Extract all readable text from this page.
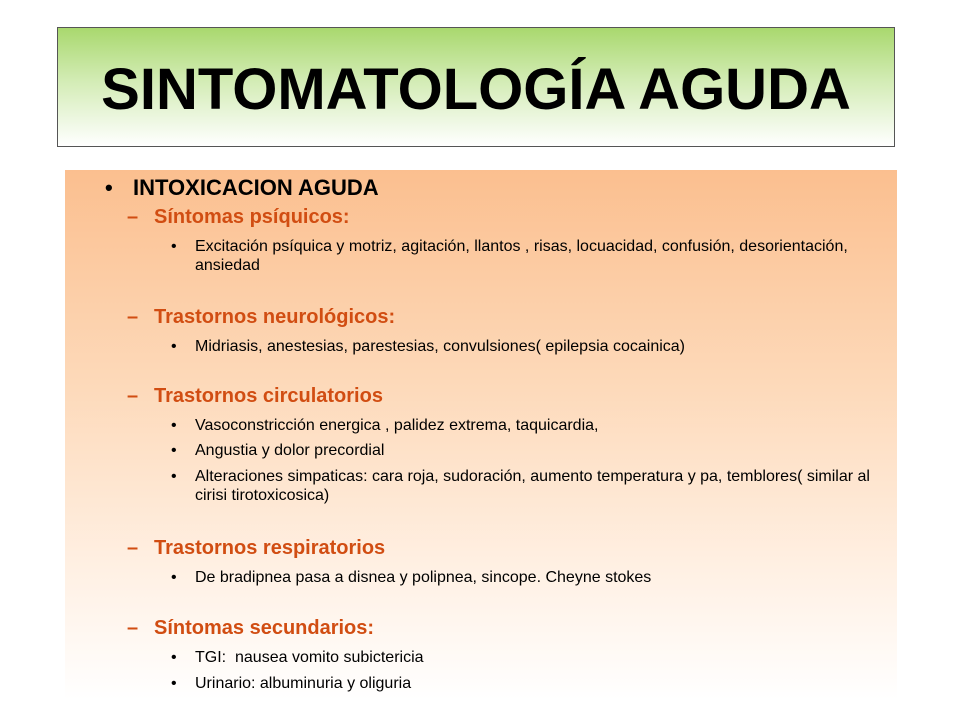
SINTOMATOLOGÍA AGUDA
• INTOXICACION AGUDA
– Síntomas psíquicos:
• Excitación psíquica y motriz, agitación, llantos , risas, locuacidad, confusión, desorientación, ansiedad
– Trastornos neurológicos:
• Midriasis, anestesias, parestesias, convulsiones( epilepsia cocainica)
– Trastornos circulatorios
• Vasoconstricción energica , palidez extrema, taquicardia,
• Angustia y dolor precordial
• Alteraciones simpaticas: cara roja, sudoración, aumento temperatura y pa, temblores( similar al cirisi tirotoxicosica)
– Trastornos respiratorios
• De bradipnea pasa a disnea y polipnea, sincope. Cheyne stokes
– Síntomas secundarios:
• TGI:  nausea vomito subictericia
• Urinario: albuminuria y oliguria
